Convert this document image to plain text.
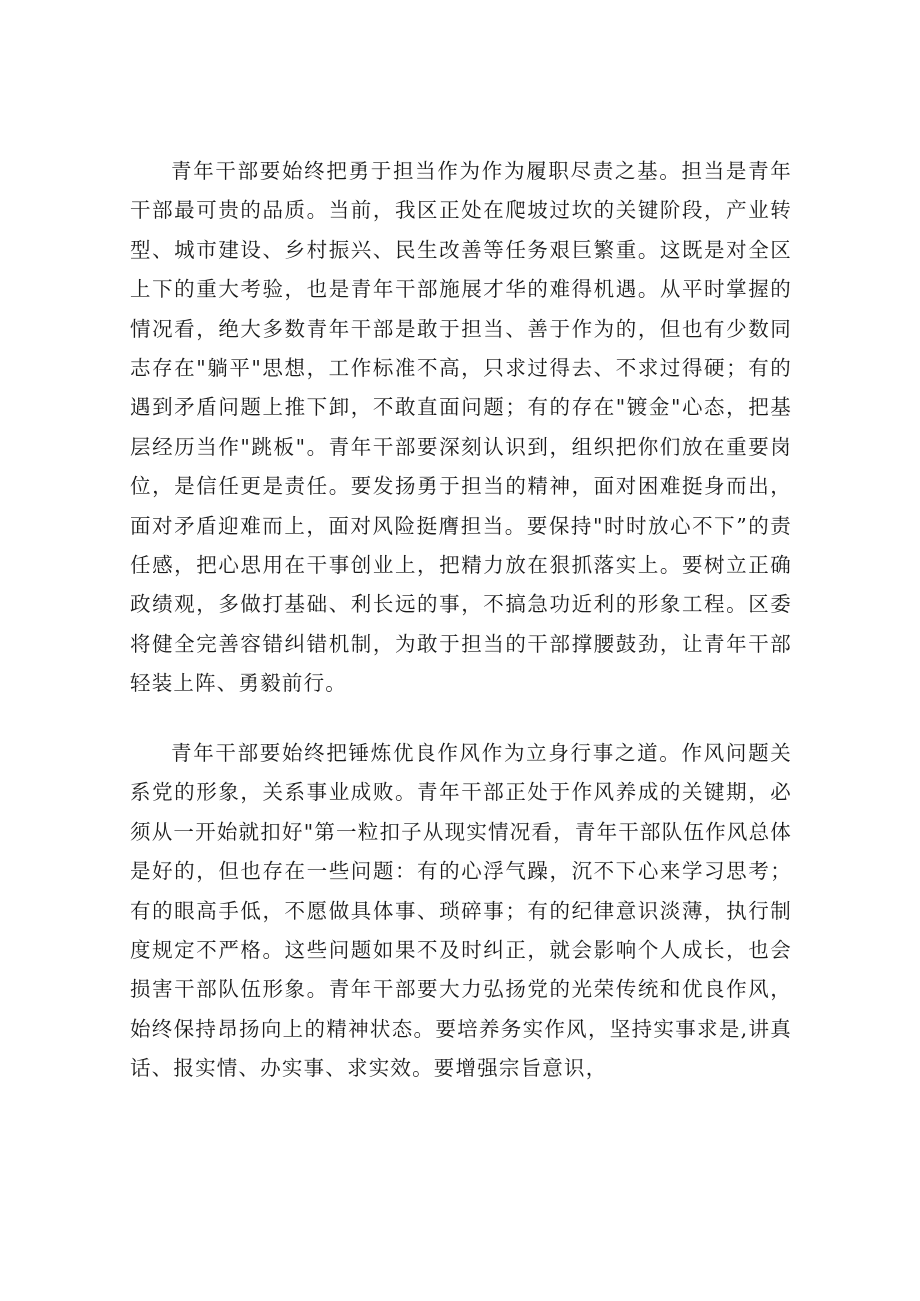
青年干部要始终把勇于担当作为作为履职尽责之基。担当是青年干部最可贵的品质。当前，我区正处在爬坡过坎的关键阶段，产业转型、城市建设、乡村振兴、民生改善等任务艰巨繁重。这既是对全区上下的重大考验，也是青年干部施展才华的难得机遇。从平时掌握的情况看，绝大多数青年干部是敢于担当、善于作为的，但也有少数同志存在"躺平"思想，工作标准不高，只求过得去、不求过得硬；有的遇到矛盾问题上推下卸，不敢直面问题；有的存在"镀金"心态，把基层经历当作"跳板"。青年干部要深刻认识到，组织把你们放在重要岗位，是信任更是责任。要发扬勇于担当的精神，面对困难挺身而出，面对矛盾迎难而上，面对风险挺膺担当。要保持"时时放心不下”的责任感，把心思用在干事创业上，把精力放在狠抓落实上。要树立正确政绩观，多做打基础、利长远的事，不搞急功近利的形象工程。区委将健全完善容错纠错机制，为敢于担当的干部撑腰鼓劲，让青年干部轻装上阵、勇毅前行。

青年干部要始终把锤炼优良作风作为立身行事之道。作风问题关系党的形象，关系事业成败。青年干部正处于作风养成的关键期，必须从一开始就扣好"第一粒扣子从现实情况看，青年干部队伍作风总体是好的，但也存在一些问题：有的心浮气躁，沉不下心来学习思考；有的眼高手低，不愿做具体事、琐碎事；有的纪律意识淡薄，执行制度规定不严格。这些问题如果不及时纠正，就会影响个人成长，也会损害干部队伍形象。青年干部要大力弘扬党的光荣传统和优良作风，始终保持昂扬向上的精神状态。要培养务实作风，坚持实事求是,讲真话、报实情、办实事、求实效。要增强宗旨意识，
